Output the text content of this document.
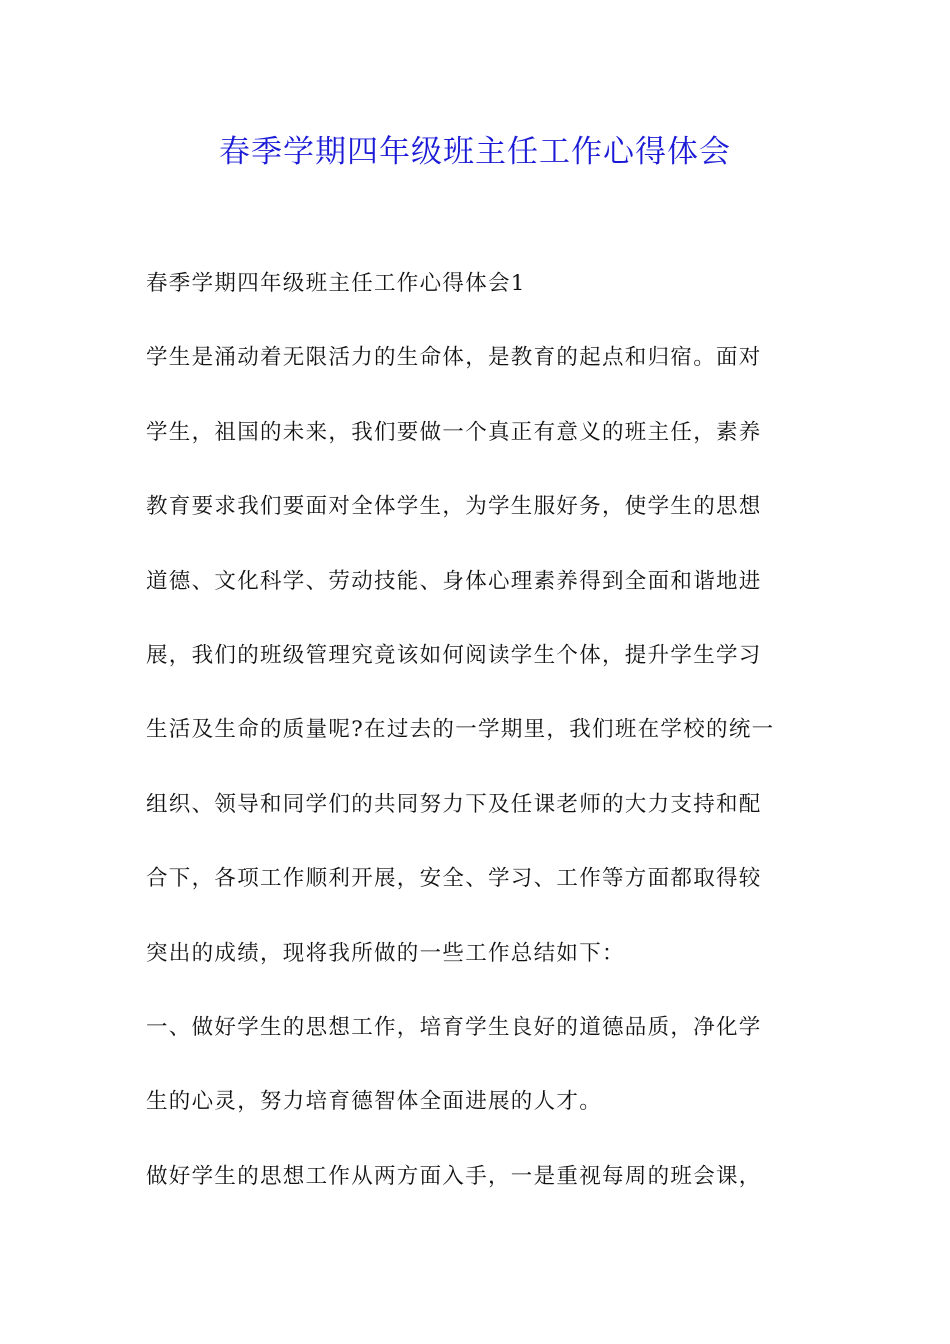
春季学期四年级班主任工作心得体会
春季学期四年级班主任工作心得体会1
学生是涌动着无限活力的生命体，是教育的起点和归宿。面对
学生，祖国的未来，我们要做一个真正有意义的班主任，素养
教育要求我们要面对全体学生，为学生服好务，使学生的思想
道德、文化科学、劳动技能、身体心理素养得到全面和谐地进
展，我们的班级管理究竟该如何阅读学生个体，提升学生学习
生活及生命的质量呢?在过去的一学期里，我们班在学校的统一
组织、领导和同学们的共同努力下及任课老师的大力支持和配
合下，各项工作顺利开展，安全、学习、工作等方面都取得较
突出的成绩，现将我所做的一些工作总结如下：
一、做好学生的思想工作，培育学生良好的道德品质，净化学
生的心灵，努力培育德智体全面进展的人才。
做好学生的思想工作从两方面入手，一是重视每周的班会课，
